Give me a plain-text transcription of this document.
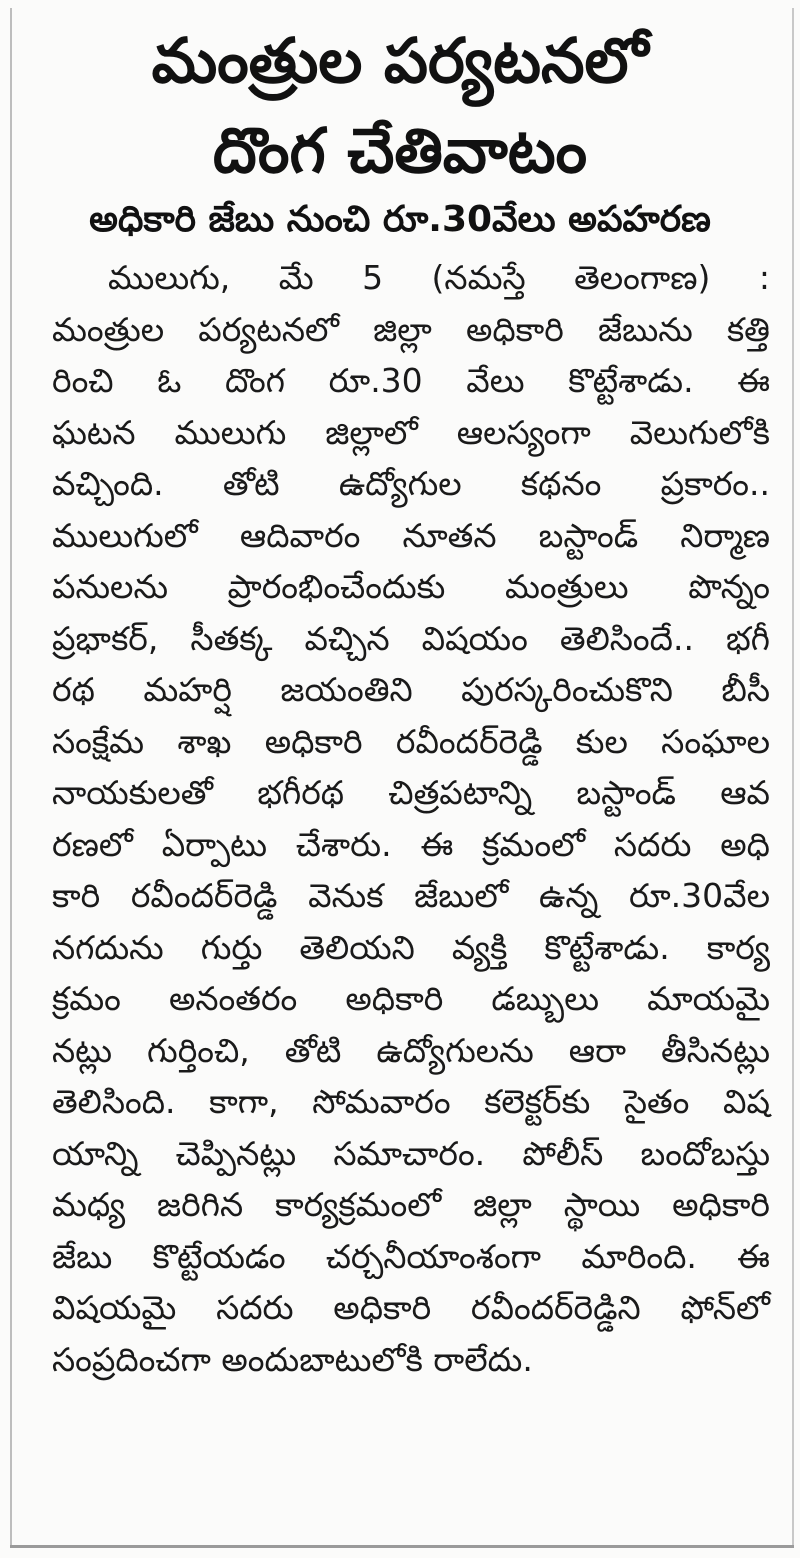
మంత్రుల పర్యటనలో
దొంగ చేతివాటం
అధికారి జేబు నుంచి రూ.30వేలు అపహరణ
ములుగు, మే 5 (నమస్తే తెలంగాణ) :
మంత్రుల పర్యటనలో జిల్లా అధికారి జేబును కత్తి
రించి ఓ దొంగ రూ.30 వేలు కొట్టేశాడు. ఈ
ఘటన ములుగు జిల్లాలో ఆలస్యంగా వెలుగులోకి
వచ్చింది. తోటి ఉద్యోగుల కథనం ప్రకారం..
ములుగులో ఆదివారం నూతన బస్టాండ్ నిర్మాణ
పనులను ప్రారంభించేందుకు మంత్రులు పొన్నం
ప్రభాకర్, సీతక్క వచ్చిన విషయం తెలిసిందే.. భగీ
రథ మహర్షి జయంతిని పురస్కరించుకొని బీసీ
సంక్షేమ శాఖ అధికారి రవీందర్‌రెడ్డి కుల సంఘాల
నాయకులతో భగీరథ చిత్రపటాన్ని బస్టాండ్ ఆవ
రణలో ఏర్పాటు చేశారు. ఈ క్రమంలో సదరు అధి
కారి రవీందర్‌రెడ్డి వెనుక జేబులో ఉన్న రూ.30వేల
నగదును గుర్తు తెలియని వ్యక్తి కొట్టేశాడు. కార్య
క్రమం అనంతరం అధికారి డబ్బులు మాయమై
నట్లు గుర్తించి, తోటి ఉద్యోగులను ఆరా తీసినట్లు
తెలిసింది. కాగా, సోమవారం కలెక్టర్‌కు సైతం విష
యాన్ని చెప్పినట్లు సమాచారం. పోలీస్ బందోబస్తు
మధ్య జరిగిన కార్యక్రమంలో జిల్లా స్థాయి అధికారి
జేబు కొట్టేయడం చర్చనీయాంశంగా మారింది. ఈ
విషయమై సదరు అధికారి రవీందర్‌రెడ్డిని ఫోన్‌లో
సంప్రదించగా అందుబాటులోకి రాలేదు.
